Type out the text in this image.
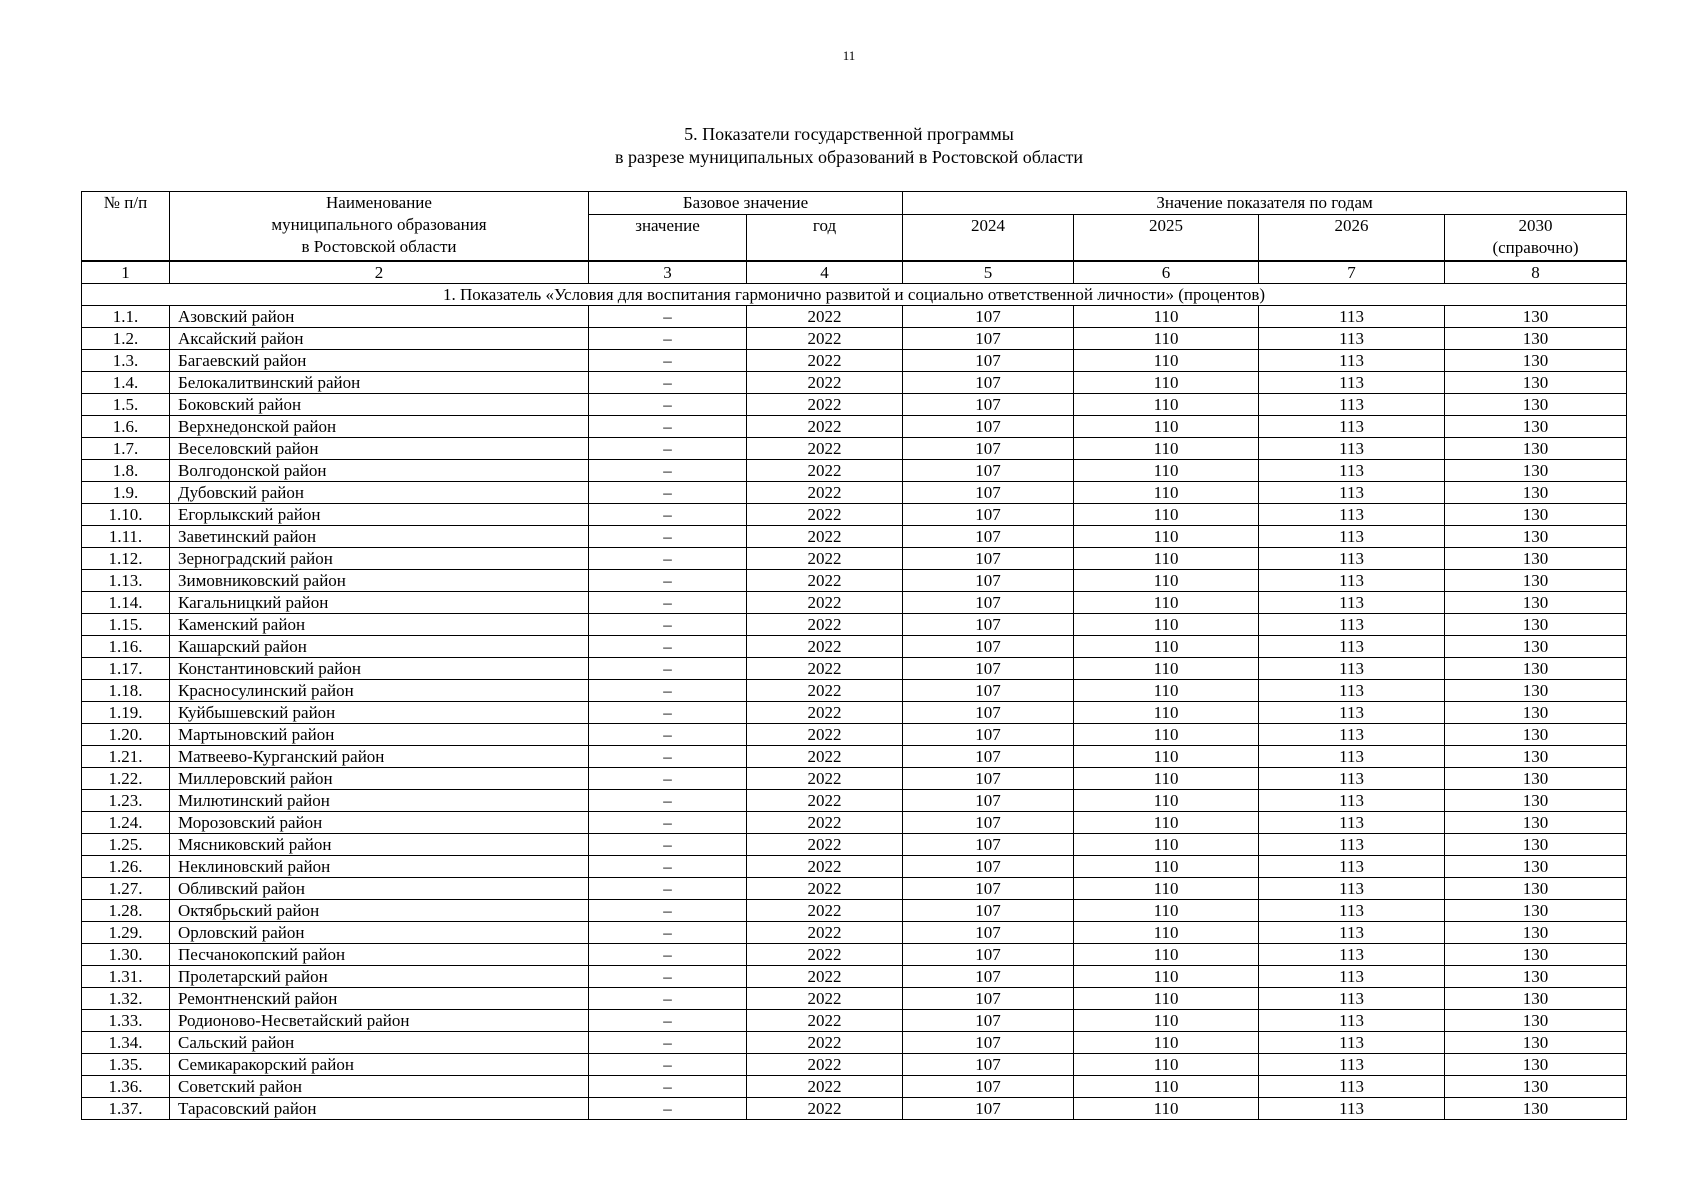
11
5. Показатели государственной программы
в разрезе муниципальных образований в Ростовской области
№ п/п	Наименование
муниципального образования
в Ростовской области	Базовое значение		Значение показателя по годам			
		значение	год	2024	2025	2026	2030
(справочно)

1	2	3	4	5	6	7	8
1. Показатель «Условия для воспитания гармонично развитой и социально ответственной личности» (процентов)							
1.1.	Азовский район	–	2022	107	110	113	130
1.2.	Аксайский район	–	2022	107	110	113	130
1.3.	Багаевский район	–	2022	107	110	113	130
1.4.	Белокалитвинский район	–	2022	107	110	113	130
1.5.	Боковский район	–	2022	107	110	113	130
1.6.	Верхнедонской район	–	2022	107	110	113	130
1.7.	Веселовский район	–	2022	107	110	113	130
1.8.	Волгодонской район	–	2022	107	110	113	130
1.9.	Дубовский район	–	2022	107	110	113	130
1.10.	Егорлыкский район	–	2022	107	110	113	130
1.11.	Заветинский район	–	2022	107	110	113	130
1.12.	Зерноградский район	–	2022	107	110	113	130
1.13.	Зимовниковский район	–	2022	107	110	113	130
1.14.	Кагальницкий район	–	2022	107	110	113	130
1.15.	Каменский район	–	2022	107	110	113	130
1.16.	Кашарский район	–	2022	107	110	113	130
1.17.	Константиновский район	–	2022	107	110	113	130
1.18.	Красносулинский район	–	2022	107	110	113	130
1.19.	Куйбышевский район	–	2022	107	110	113	130
1.20.	Мартыновский район	–	2022	107	110	113	130
1.21.	Матвеево-Курганский район	–	2022	107	110	113	130
1.22.	Миллеровский район	–	2022	107	110	113	130
1.23.	Милютинский район	–	2022	107	110	113	130
1.24.	Морозовский район	–	2022	107	110	113	130
1.25.	Мясниковский район	–	2022	107	110	113	130
1.26.	Неклиновский район	–	2022	107	110	113	130
1.27.	Обливский район	–	2022	107	110	113	130
1.28.	Октябрьский район	–	2022	107	110	113	130
1.29.	Орловский район	–	2022	107	110	113	130
1.30.	Песчанокопский район	–	2022	107	110	113	130
1.31.	Пролетарский район	–	2022	107	110	113	130
1.32.	Ремонтненский район	–	2022	107	110	113	130
1.33.	Родионово-Несветайский район	–	2022	107	110	113	130
1.34.	Сальский район	–	2022	107	110	113	130
1.35.	Семикаракорский район	–	2022	107	110	113	130
1.36.	Советский район	–	2022	107	110	113	130
1.37.	Тарасовский район	–	2022	107	110	113	130
